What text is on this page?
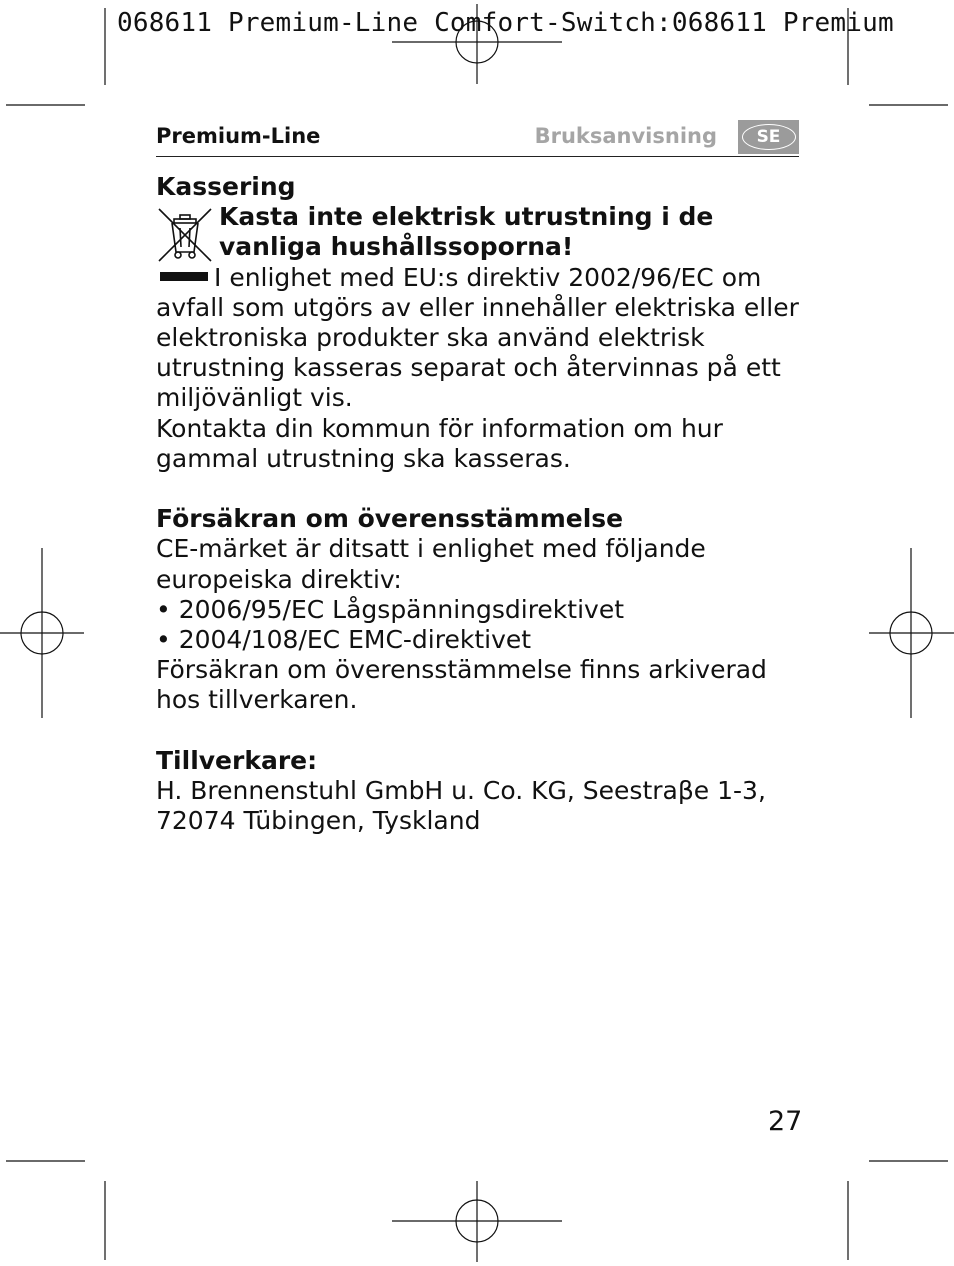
068611 Premium-Line Comfort-Switch:068611 Premium
Premium-Line	Bruksanvisning	SE

Kassering

Kasta inte elektrisk utrustning i de vanliga hushållssoporna!

I enlighet med EU:s direktiv 2002/96/EC om avfall som utgörs av eller innehåller elektriska eller elektroniska produkter ska använd elektrisk utrustning kasseras separat och återvinnas på ett miljövänligt vis.

Kontakta din kommun för information om hur gammal utrustning ska kasseras.

Försäkran om överensstämmelse

CE-märket är ditsatt i enlighet med följande europeiska direktiv:

• 2006/95/EC Lågspänningsdirektivet

• 2004/108/EC EMC-direktivet

Försäkran om överensstämmelse finns arkiverad hos tillverkaren.

Tillverkare:

H. Brennenstuhl GmbH u. Co. KG, Seestraβe 1-3,

72074 Tübingen, Tyskland

27
